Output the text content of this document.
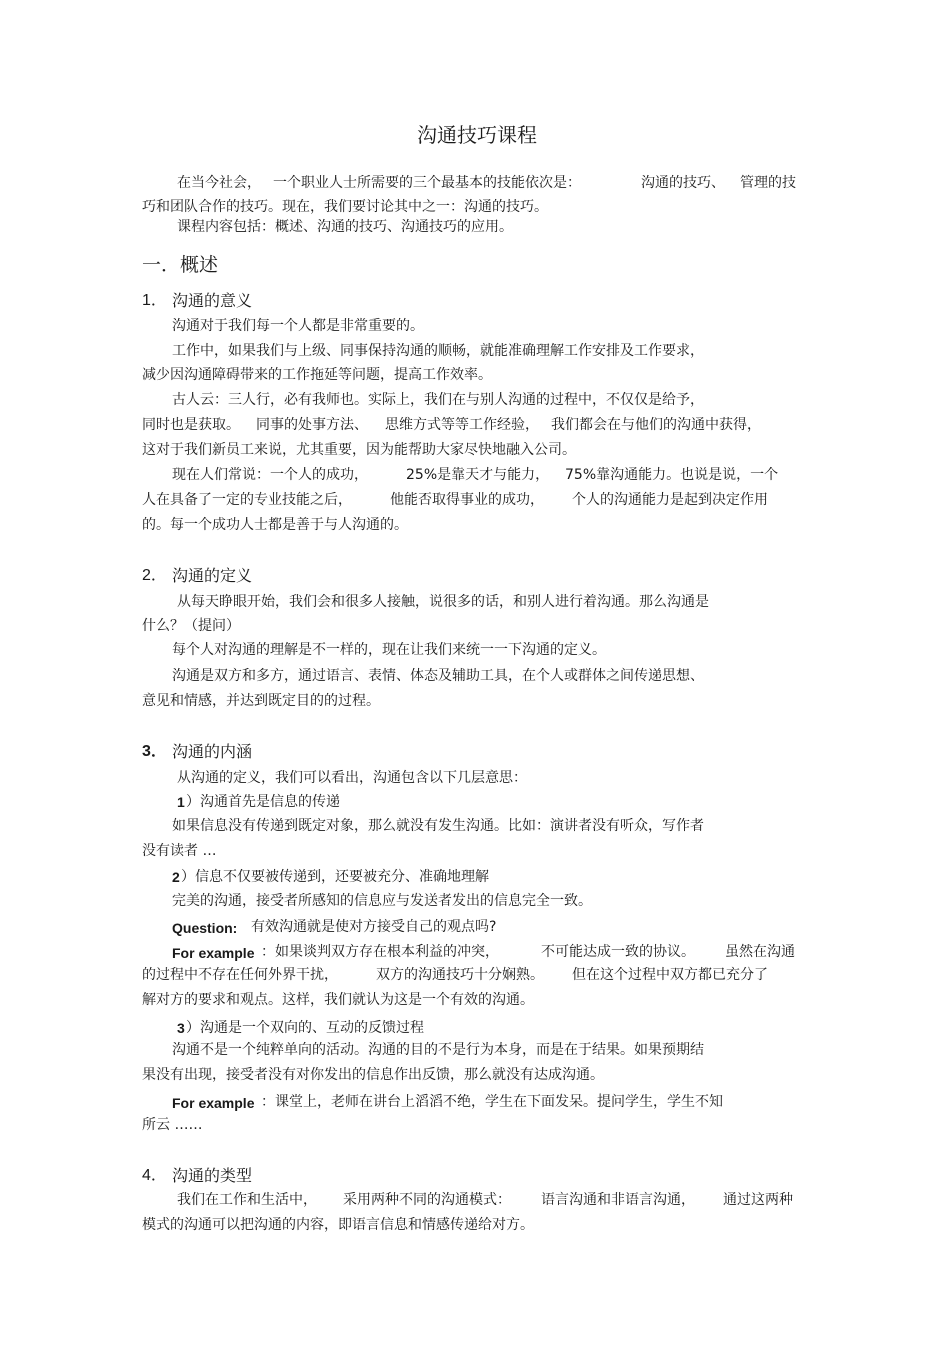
沟通技巧课程
在当今社会， 一个职业人士所需要的三个最基本的技能依次是：	沟通的技巧、 管理的技
巧和团队合作的技巧。现在，我们要讨论其中之一：沟通的技巧。
课程内容包括：概述、沟通的技巧、沟通技巧的应用。
一．概述
1． 沟通的意义
沟通对于我们每一个人都是非常重要的。
工作中，如果我们与上级、同事保持沟通的顺畅，就能准确理解工作安排及工作要求，
减少因沟通障碍带来的工作拖延等问题，提高工作效率。
古人云：三人行，必有我师也。实际上，我们在与别人沟通的过程中，不仅仅是给予，
同时也是获取。 同事的处事方法、 思维方式等等工作经验， 我们都会在与他们的沟通中获得，
这对于我们新员工来说，尤其重要，因为能帮助大家尽快地融入公司。
现在人们常说：一个人的成功，	25%是靠天才与能力， 75%靠沟通能力。也说是说，一个
人在具备了一定的专业技能之后，	他能否取得事业的成功， 个人的沟通能力是起到决定作用
的。每一个成功人士都是善于与人沟通的。
2． 沟通的定义
从每天睁眼开始，我们会和很多人接触，说很多的话，和别人进行着沟通。那么沟通是
什么？（提问）
每个人对沟通的理解是不一样的，现在让我们来统一一下沟通的定义。
沟通是双方和多方，通过语言、表情、体态及辅助工具，在个人或群体之间传递思想、
意见和情感，并达到既定目的的过程。
3． 沟通的内涵
从沟通的定义，我们可以看出，沟通包含以下几层意思：
1 ）沟通首先是信息的传递
如果信息没有传递到既定对象，那么就没有发生沟通。比如：演讲者没有听众，写作者
没有读者 …
2 ）信息不仅要被传递到，还要被充分、准确地理解
完美的沟通，接受者所感知的信息应与发送者发出的信息完全一致。
Question: 有效沟通就是使对方接受自己的观点吗?
For example ：如果谈判双方存在根本利益的冲突，	不可能达成一致的协议。 虽然在沟通
的过程中不存在任何外界干扰，	双方的沟通技巧十分娴熟。 但在这个过程中双方都已充分了
解对方的要求和观点。这样，我们就认为这是一个有效的沟通。
3 ）沟通是一个双向的、互动的反馈过程
沟通不是一个纯粹单向的活动。沟通的目的不是行为本身，而是在于结果。如果预期结
果没有出现，接受者没有对你发出的信息作出反馈，那么就没有达成沟通。
For example ：课堂上，老师在讲台上滔滔不绝，学生在下面发呆。提问学生，学生不知
所云 ……
4． 沟通的类型
我们在工作和生活中， 采用两种不同的沟通模式： 语言沟通和非语言沟通， 通过这两种
模式的沟通可以把沟通的内容，即语言信息和情感传递给对方。
